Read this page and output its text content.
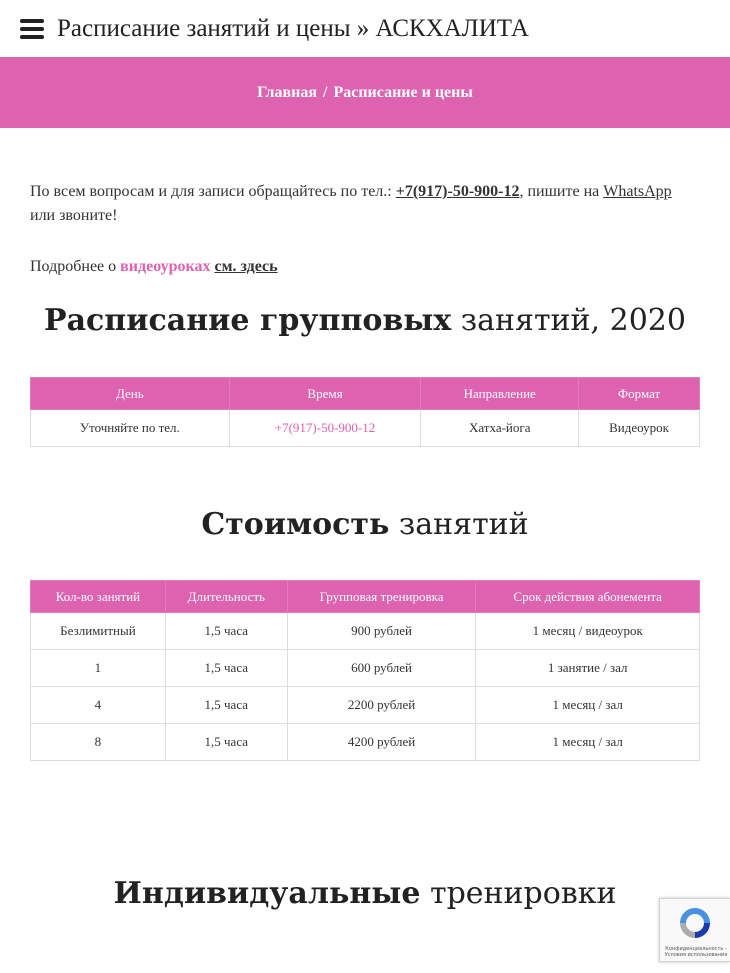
Расписание занятий и цены » АСКХАЛИТА
Главная / Расписание и цены
По всем вопросам и для записи обращайтесь по тел.: +7(917)-50-900-12, пишите на WhatsApp или звоните!
Подробнее о видеоуроках см. здесь
Расписание групповых занятий, 2020
День	Время	Направление	Формат
Уточняйте по тел.	+7(917)-50-900-12	Хатха-йога	Видеоурок
Стоимость занятий
Кол-во занятий	Длительность	Групповая тренировка	Срок действия абонемента
Безлимитный	1,5 часа	900 рублей	1 месяц / видеоурок
1	1,5 часа	600 рублей	1 занятие / зал
4	1,5 часа	2200 рублей	1 месяц / зал
8	1,5 часа	4200 рублей	1 месяц / зал
Индивидуальные тренировки
Конфиденциальность - Условия использования
